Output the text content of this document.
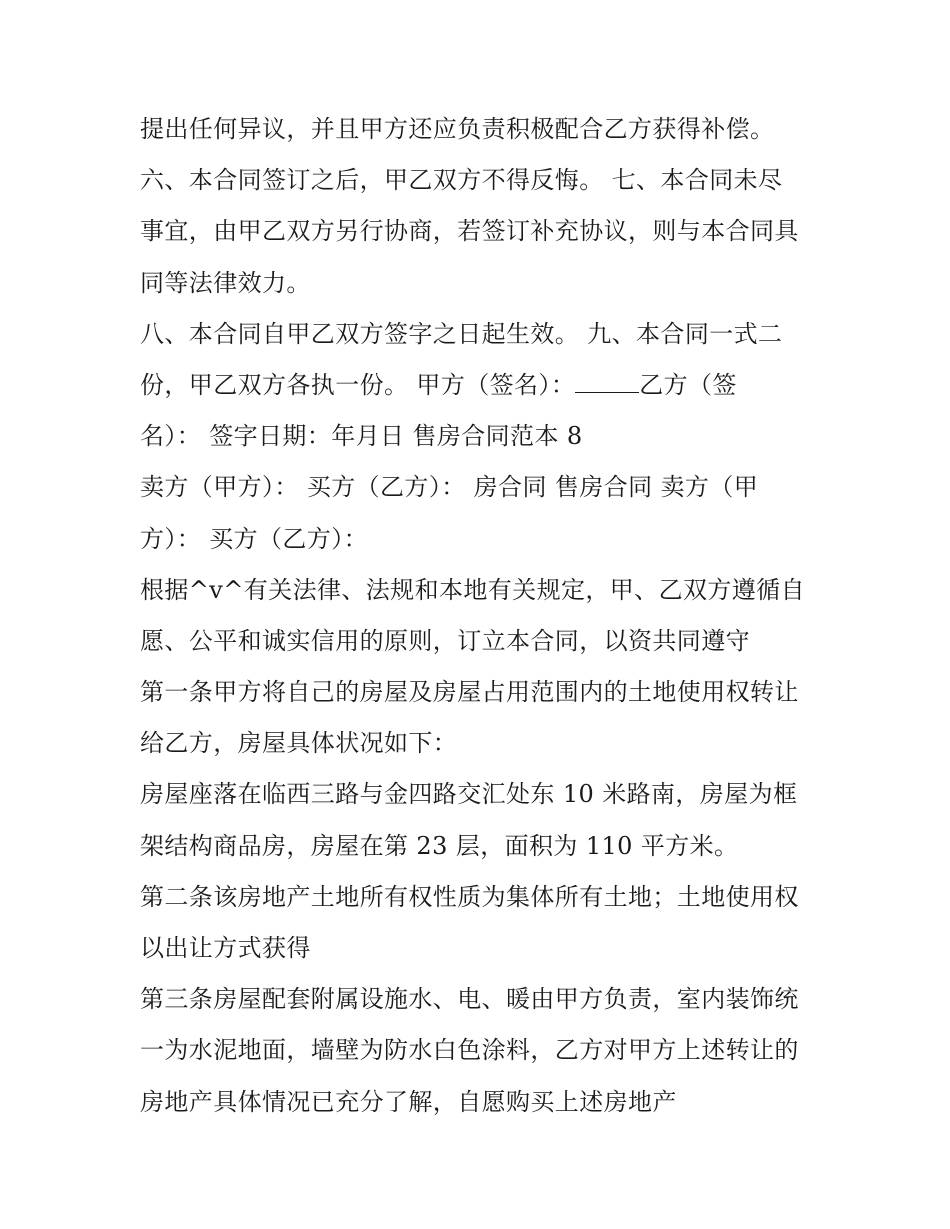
提出任何异议，并且甲方还应负责积极配合乙方获得补偿。
六、本合同签订之后，甲乙双方不得反悔。 七、本合同未尽
事宜，由甲乙双方另行协商，若签订补充协议，则与本合同具
同等法律效力。
八、本合同自甲乙双方签字之日起生效。 九、本合同一式二
份，甲乙双方各执一份。 甲方（签名）：	乙方（签
名）： 签字日期：年月日 售房合同范本 8
卖方（甲方）： 买方（乙方）： 房合同 售房合同 卖方（甲
方）： 买方（乙方）：
根据^v^有关法律、法规和本地有关规定，甲、乙双方遵循自
愿、公平和诚实信用的原则，订立本合同，以资共同遵守
第一条甲方将自己的房屋及房屋占用范围内的土地使用权转让
给乙方，房屋具体状况如下：
房屋座落在临西三路与金四路交汇处东 10 米路南，房屋为框
架结构商品房，房屋在第 23 层，面积为 110 平方米。
第二条该房地产土地所有权性质为集体所有土地；土地使用权
以出让方式获得
第三条房屋配套附属设施水、电、暖由甲方负责，室内装饰统
一为水泥地面，墙壁为防水白色涂料，乙方对甲方上述转让的
房地产具体情况已充分了解，自愿购买上述房地产
